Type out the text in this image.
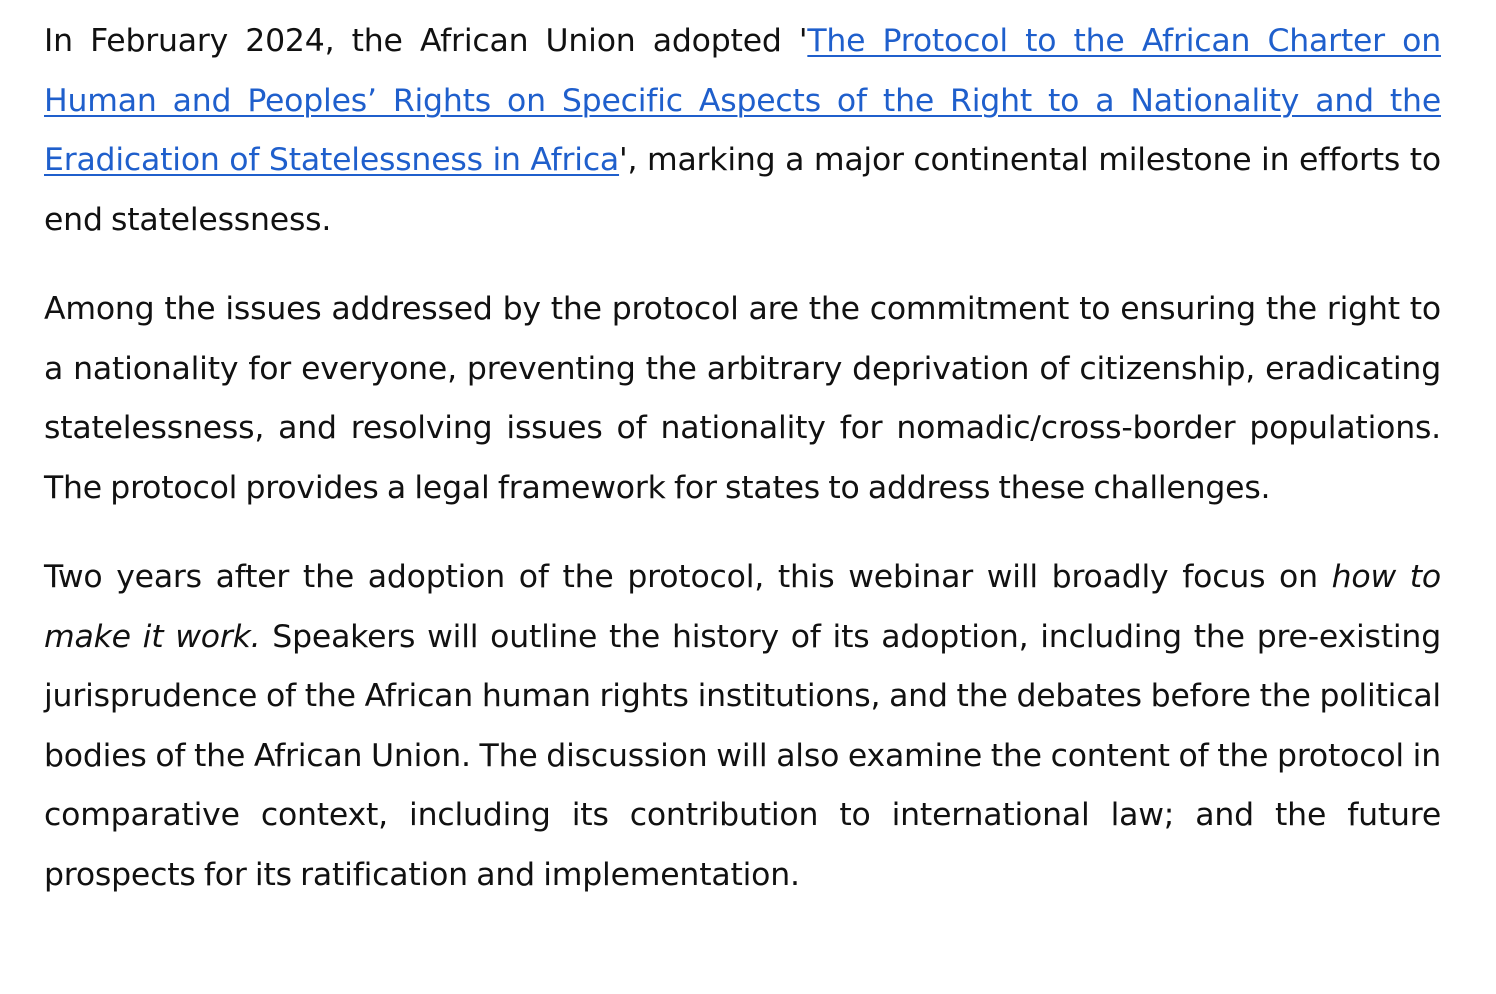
In February 2024, the African Union adopted 'The Protocol to the African Charter on Human and Peoples’ Rights on Specific Aspects of the Right to a Nationality and the Eradication of Statelessness in Africa', marking a major continental milestone in efforts to end statelessness.

Among the issues addressed by the protocol are the commitment to ensuring the right to a nationality for everyone, preventing the arbitrary deprivation of citizenship, eradicating statelessness, and resolving issues of nationality for nomadic/cross-border populations. The protocol provides a legal framework for states to address these challenges.

Two years after the adoption of the protocol, this webinar will broadly focus on how to make it work. Speakers will outline the history of its adoption, including the pre-existing jurisprudence of the African human rights institutions, and the debates before the political bodies of the African Union. The discussion will also examine the content of the protocol in comparative context, including its contribution to international law; and the future prospects for its ratification and implementation.
